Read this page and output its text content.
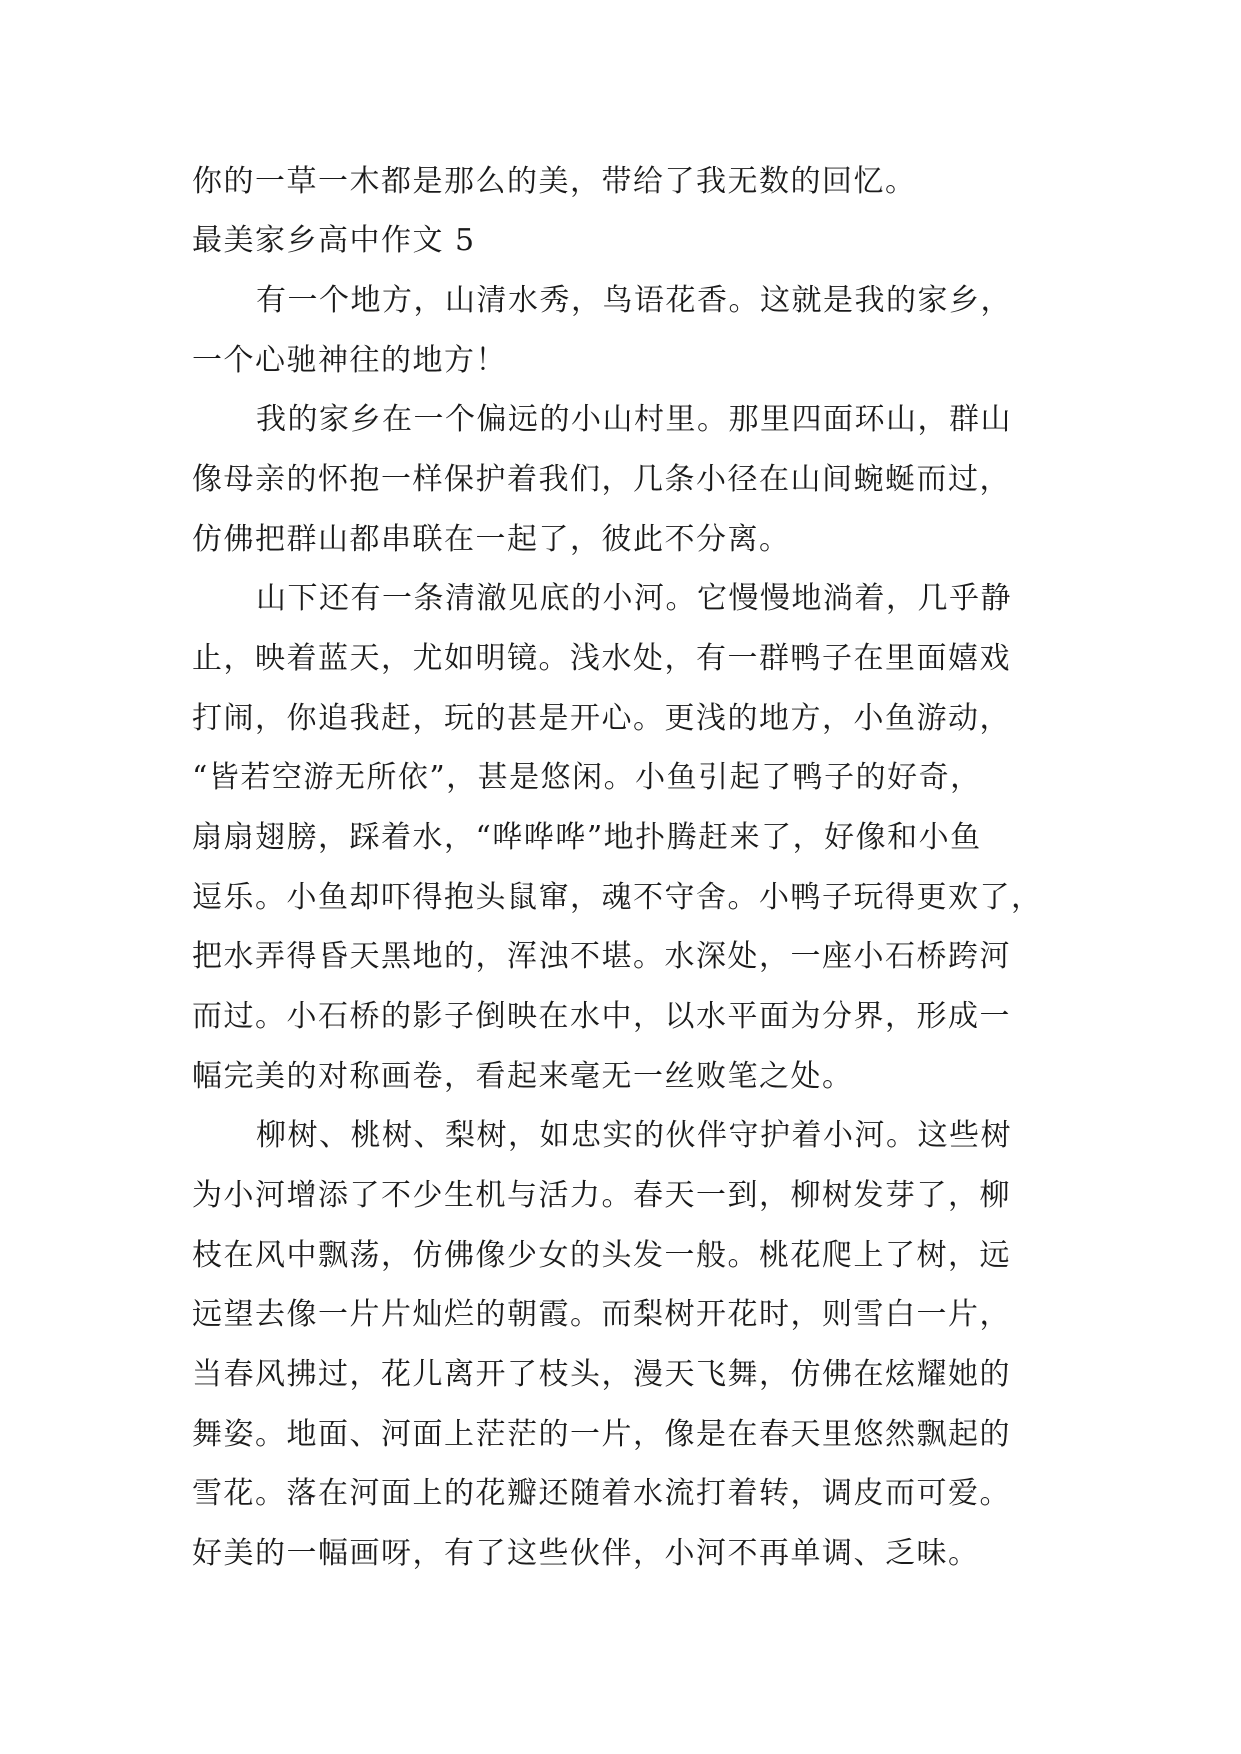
你的一草一木都是那么的美，带给了我无数的回忆。
最美家乡高中作文 5
有一个地方，山清水秀，鸟语花香。这就是我的家乡，
一个心驰神往的地方！
我的家乡在一个偏远的小山村里。那里四面环山，群山
像母亲的怀抱一样保护着我们，几条小径在山间蜿蜒而过，
仿佛把群山都串联在一起了，彼此不分离。
山下还有一条清澈见底的小河。它慢慢地淌着，几乎静
止，映着蓝天，尤如明镜。浅水处，有一群鸭子在里面嬉戏
打闹，你追我赶，玩的甚是开心。更浅的地方，小鱼游动，
“皆若空游无所依”，甚是悠闲。小鱼引起了鸭子的好奇，
扇扇翅膀，踩着水，“哗哗哗”地扑腾赶来了，好像和小鱼
逗乐。小鱼却吓得抱头鼠窜，魂不守舍。小鸭子玩得更欢了，
把水弄得昏天黑地的，浑浊不堪。水深处，一座小石桥跨河
而过。小石桥的影子倒映在水中，以水平面为分界，形成一
幅完美的对称画卷，看起来毫无一丝败笔之处。
柳树、桃树、梨树，如忠实的伙伴守护着小河。这些树
为小河增添了不少生机与活力。春天一到，柳树发芽了，柳
枝在风中飘荡，仿佛像少女的头发一般。桃花爬上了树，远
远望去像一片片灿烂的朝霞。而梨树开花时，则雪白一片，
当春风拂过，花儿离开了枝头，漫天飞舞，仿佛在炫耀她的
舞姿。地面、河面上茫茫的一片，像是在春天里悠然飘起的
雪花。落在河面上的花瓣还随着水流打着转，调皮而可爱。
好美的一幅画呀，有了这些伙伴，小河不再单调、乏味。
